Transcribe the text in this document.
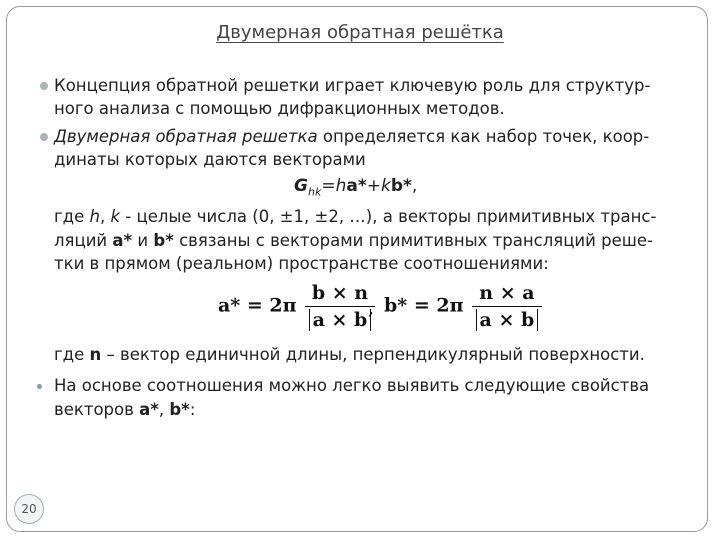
Двумерная обратная решётка
Концепция обратной решетки играет ключевую роль для структур-
ного анализа с помощью дифракционных методов.
Двумерная обратная решетка определяется как набор точек, коор-
динаты которых даются векторами
$G_{hk}=ha*+kb*$,
где h, k - целые числа (0, ±1, ±2, …), а векторы примитивных транс-
ляций a* и b* связаны с векторами примитивных трансляций реше-
тки в прямом (реальном) пространстве соотношениями:
$a* = 2\pi \frac{b \times n}{a \times b}$
, $b* = 2\pi \frac{n \times a}{a \times b}$
где n – вектор единичной длины, перпендикулярный поверхности.
На основе соотношения можно легко выявить следующие свойства
векторов a*, b*:
20
